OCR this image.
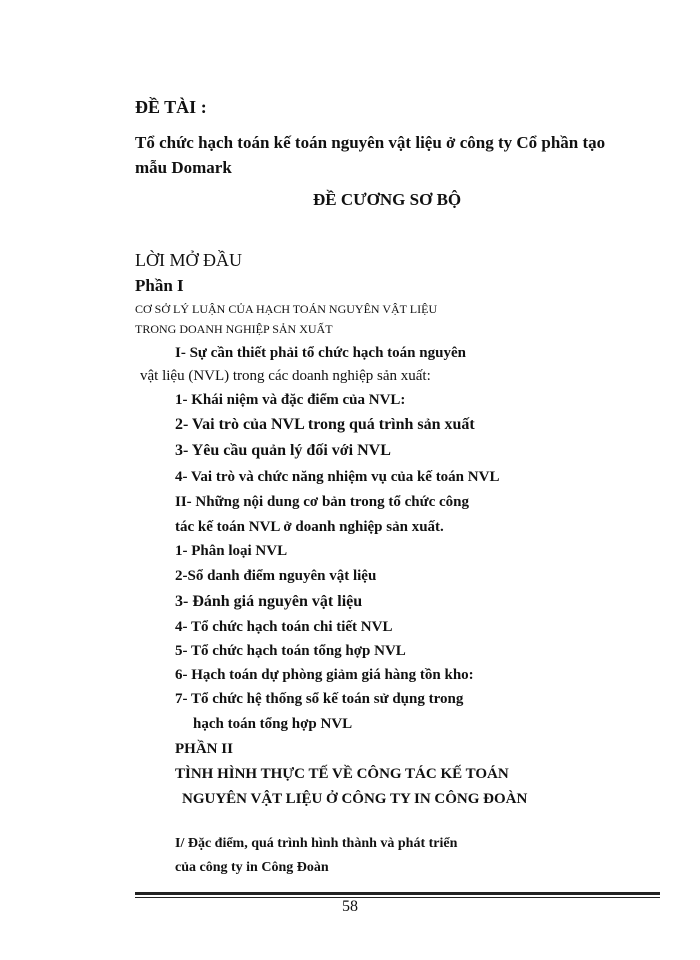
ĐỀ TÀI :
Tổ chức hạch toán kế toán nguyên vật liệu ở công ty Cổ phần tạo
mẫu Domark
ĐỀ CƯƠNG SƠ BỘ
LỜI MỞ ĐẦU
Phần I
CƠ SỞ LÝ LUẬN CỦA HẠCH TOÁN NGUYÊN VẬT LIỆU
TRONG DOANH NGHIỆP SẢN XUẤT
I- Sự cần thiết phải tổ chức hạch toán nguyên
vật liệu (NVL) trong các doanh nghiệp sản xuất:
1- Khái niệm và đặc điểm của NVL:
2- Vai trò của NVL trong quá trình sản xuất
3- Yêu cầu quản lý đối với NVL
4- Vai trò và chức năng nhiệm vụ của kế toán NVL
II- Những nội dung cơ bản trong tổ chức công
tác kế toán NVL ở doanh nghiệp sản xuất.
1- Phân loại NVL
2-Sổ danh điểm nguyên vật liệu
3- Đánh giá nguyên vật liệu
4- Tổ chức hạch toán chi tiết NVL
5- Tổ chức hạch toán tổng hợp NVL
6- Hạch toán dự phòng giảm giá hàng tồn kho:
7- Tổ chức hệ thống sổ kế toán sử dụng trong
hạch toán tổng hợp NVL
PHẦN II
TÌNH HÌNH THỰC TẾ VỀ CÔNG TÁC KẾ TOÁN
NGUYÊN VẬT LIỆU Ở CÔNG TY IN CÔNG ĐOÀN
I/ Đặc điểm, quá trình hình thành và phát triển
của công ty in Công Đoàn
58
